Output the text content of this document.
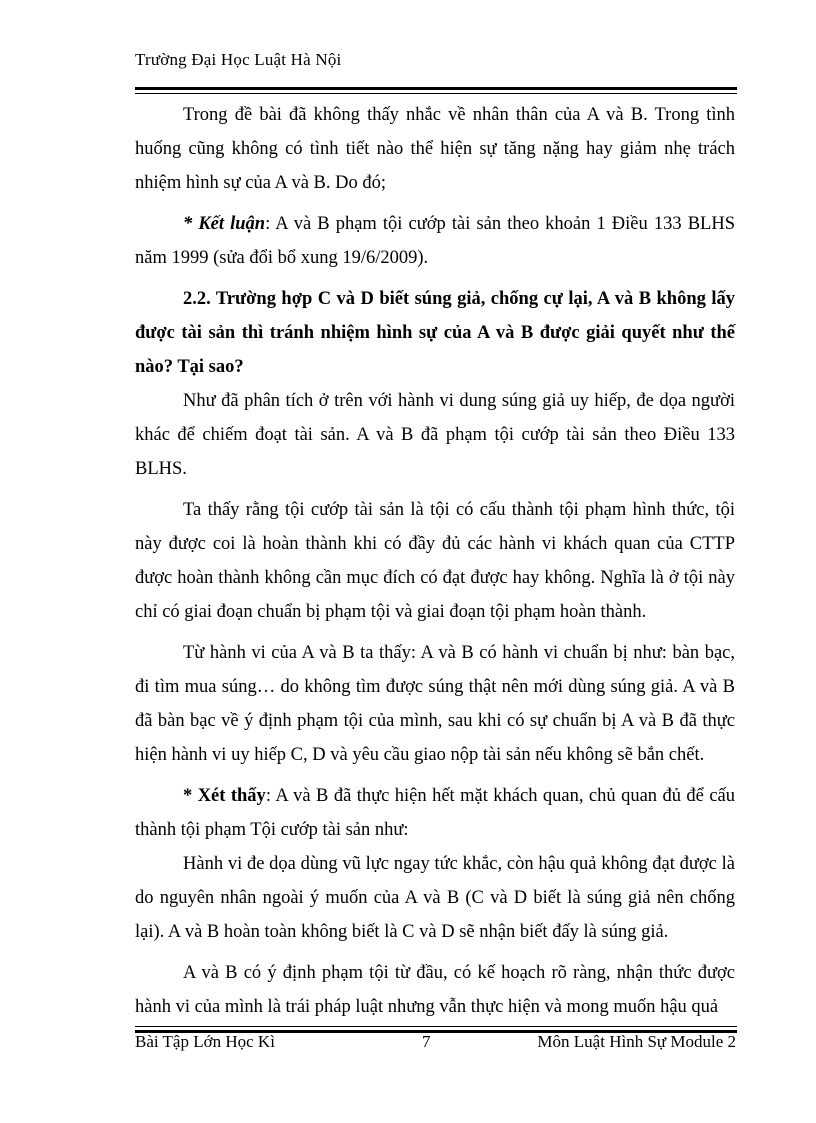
Trường Đại Học Luật Hà Nội

Trong đề bài đã không thấy nhắc về nhân thân của A và B. Trong tình huống cũng không có tình tiết nào thể hiện sự tăng nặng hay giảm nhẹ trách nhiệm hình sự của A và B. Do đó;

* Kết luận: A và B phạm tội cướp tài sản theo khoản 1 Điều 133 BLHS năm 1999 (sửa đổi bổ xung 19/6/2009).

2.2. Trường hợp C và D biết súng giả, chống cự lại, A và B không lấy được tài sản thì tránh nhiệm hình sự của A và B được giải quyết như thế nào? Tại sao?

Như đã phân tích ở trên với hành vi dung súng giả uy hiếp, đe dọa người khác để chiếm đoạt tài sản. A và B đã phạm tội cướp tài sản theo Điều 133 BLHS.

Ta thấy rằng tội cướp tài sản là tội có cấu thành tội phạm hình thức, tội này được coi là hoàn thành khi có đầy đủ các hành vi khách quan của CTTP được hoàn thành không cần mục đích có đạt được hay không. Nghĩa là ở tội này chỉ có giai đoạn chuẩn bị phạm tội và giai đoạn tội phạm hoàn thành.

Từ hành vi của A và B ta thấy: A và B có hành vi chuẩn bị như: bàn bạc, đi tìm mua súng… do không tìm được súng thật nên mới dùng súng giả. A và B đã bàn bạc về ý định phạm tội của mình, sau khi có sự chuẩn bị A và B đã thực hiện hành vi uy hiếp C, D và yêu cầu giao nộp tài sản nếu không sẽ bắn chết.

* Xét thấy: A và B đã thực hiện hết mặt khách quan, chủ quan đủ để cấu thành tội phạm Tội cướp tài sản như:

Hành vi đe dọa dùng vũ lực ngay tức khắc, còn hậu quả không đạt được là do nguyên nhân ngoài ý muốn của A và B (C và D biết là súng giả nên chống lại). A và B hoàn toàn không biết là C và D sẽ nhận biết đấy là súng giả.

A và B có ý định phạm tội từ đầu, có kế hoạch rõ ràng, nhận thức được hành vi của mình là trái pháp luật nhưng vẫn thực hiện và mong muốn hậu quả

Bài Tập Lớn Học Kì	7	Môn Luật Hình Sự Module 2
